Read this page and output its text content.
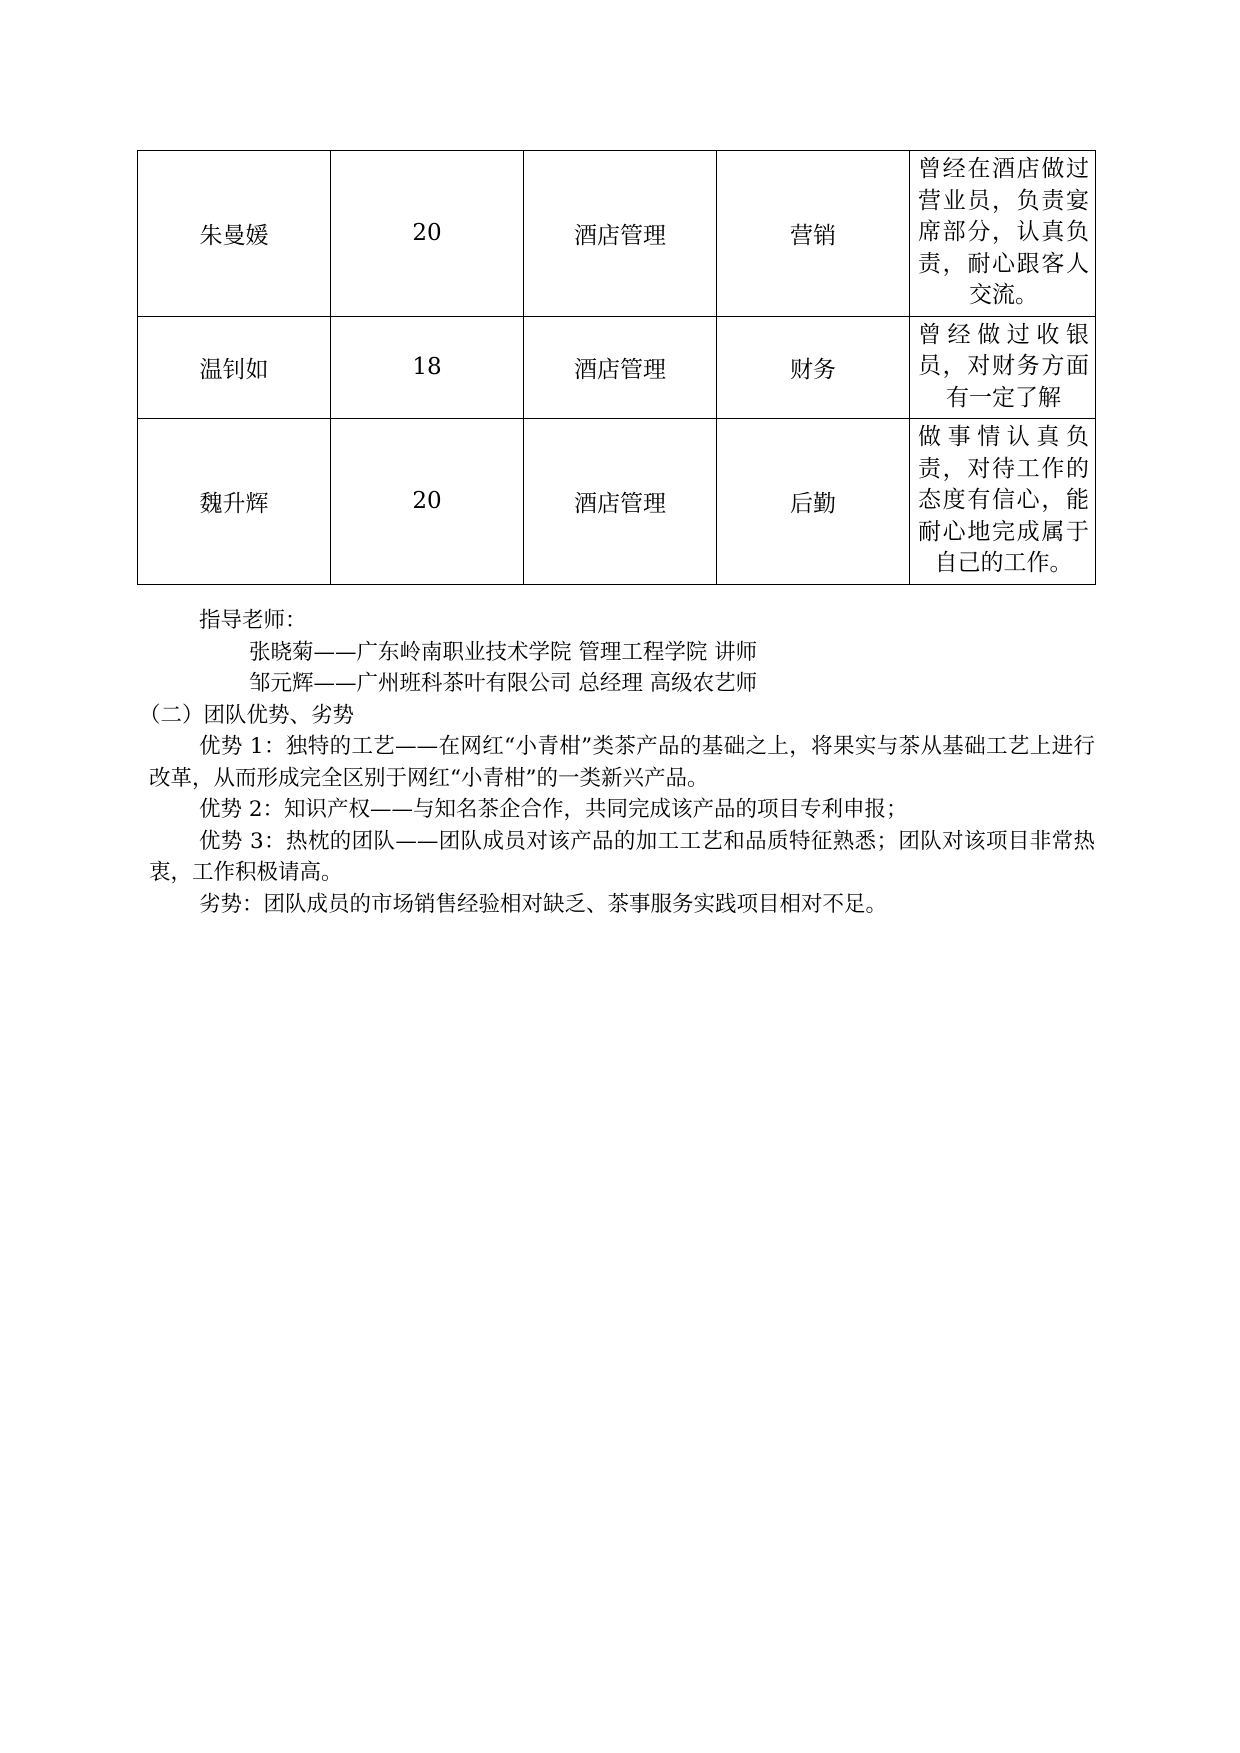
朱曼媛	20	酒店管理	营销	曾经在酒店做过营业员，负责宴席部分，认真负责，耐心跟客人交流。
温钊如	18	酒店管理	财务	曾经做过收银员，对财务方面有一定了解
魏升辉	20	酒店管理	后勤	做事情认真负责，对待工作的态度有信心，能耐心地完成属于自己的工作。

指导老师：

张晓菊——广东岭南职业技术学院 管理工程学院 讲师

邹元辉——广州班科茶叶有限公司 总经理 高级农艺师

（二）团队优势、劣势

优势 1：独特的工艺——在网红“小青柑”类茶产品的基础之上，将果实与茶从基础工艺上进行改革，从而形成完全区别于网红“小青柑”的一类新兴产品。

优势 2：知识产权——与知名茶企合作，共同完成该产品的项目专利申报；

优势 3：热枕的团队——团队成员对该产品的加工工艺和品质特征熟悉；团队对该项目非常热衷，工作积极请高。

劣势：团队成员的市场销售经验相对缺乏、茶事服务实践项目相对不足。
